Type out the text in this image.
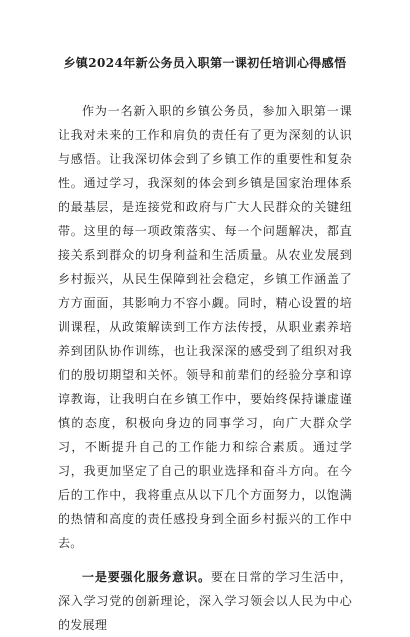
乡镇2024年新公务员入职第一课初任培训心得感悟

作为一名新入职的乡镇公务员，参加入职第一课让我对未来的工作和肩负的责任有了更为深刻的认识与感悟。让我深切体会到了乡镇工作的重要性和复杂性。通过学习，我深刻的体会到乡镇是国家治理体系的最基层，是连接党和政府与广大人民群众的关键纽带。这里的每一项政策落实、每一个问题解决，都直接关系到群众的切身利益和生活质量。从农业发展到乡村振兴，从民生保障到社会稳定，乡镇工作涵盖了方方面面，其影响力不容小觑。同时，精心设置的培训课程，从政策解读到工作方法传授，从职业素养培养到团队协作训练，也让我深深的感受到了组织对我们的殷切期望和关怀。领导和前辈们的经验分享和谆谆教诲，让我明白在乡镇工作中，要始终保持谦虚谨慎的态度，积极向身边的同事学习，向广大群众学习，不断提升自己的工作能力和综合素质。通过学习，我更加坚定了自己的职业选择和奋斗方向。在今后的工作中，我将重点从以下几个方面努力，以饱满的热情和高度的责任感投身到全面乡村振兴的工作中去。

一是要强化服务意识。要在日常的学习生活中，深入学习党的创新理论，深入学习领会以人民为中心的发展理
